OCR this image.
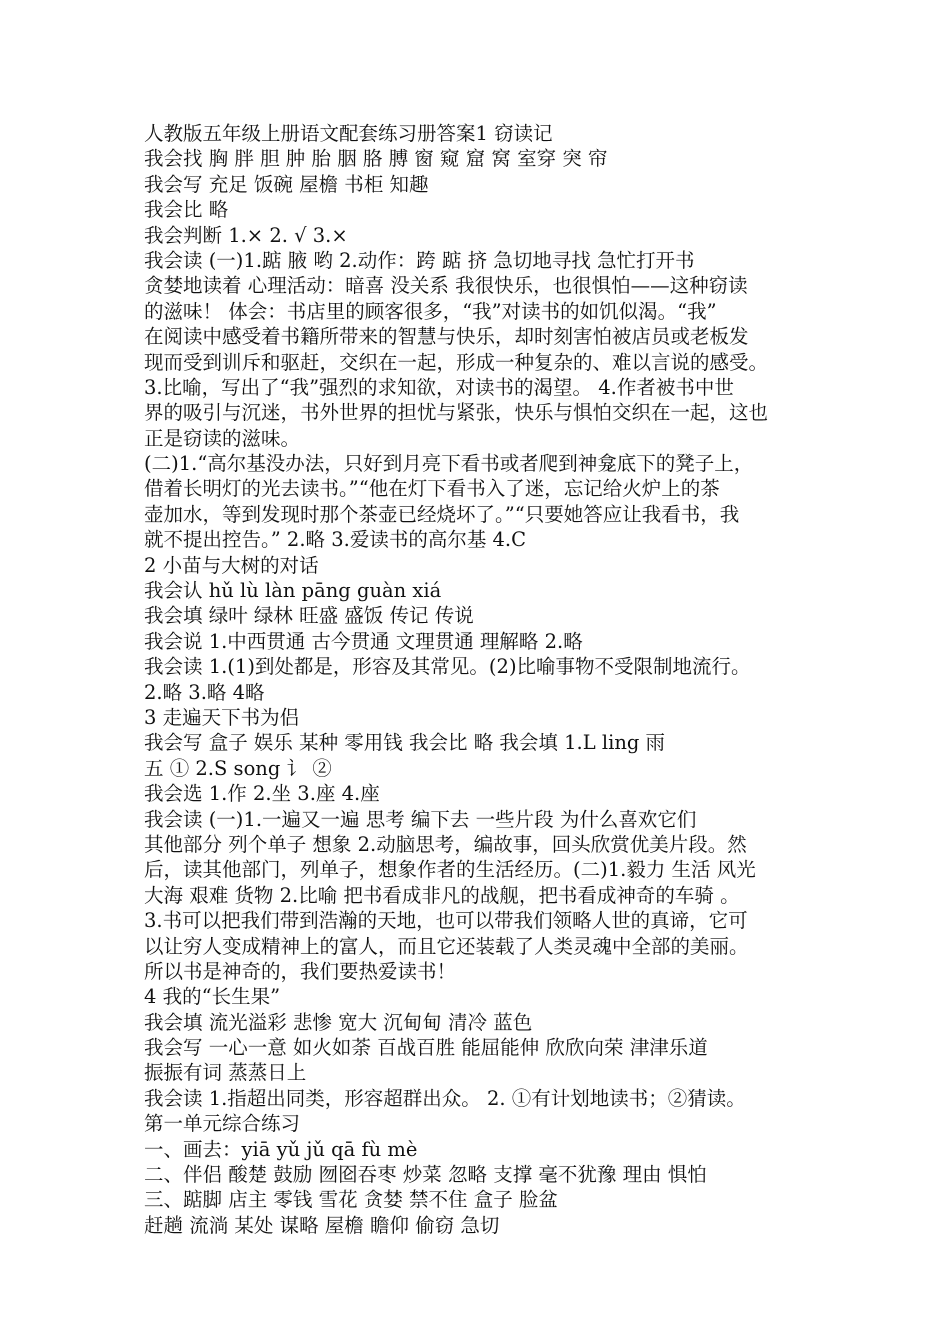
人教版五年级上册语文配套练习册答案1 窃读记
我会找 胸 胖 胆 肿 胎 胭 胳 膊 窗 窥 窟 窝 室穿 突 帘
我会写 充足 饭碗 屋檐 书柜 知趣
我会比 略
我会判断 1.× 2. √ 3.×
我会读 (一)1.踮 腋 哟 2.动作：跨 踮 挤 急切地寻找 急忙打开书
贪婪地读着 心理活动：暗喜 没关系 我很快乐，也很惧怕——这种窃读
的滋味！ 体会：书店里的顾客很多，“我”对读书的如饥似渴。“我”
在阅读中感受着书籍所带来的智慧与快乐，却时刻害怕被店员或老板发
现而受到训斥和驱赶，交织在一起，形成一种复杂的、难以言说的感受。
3.比喻，写出了“我”强烈的求知欲，对读书的渴望。 4.作者被书中世
界的吸引与沉迷，书外世界的担忧与紧张，快乐与惧怕交织在一起，这也
正是窃读的滋味。
(二)1.“高尔基没办法，只好到月亮下看书或者爬到神龛底下的凳子上，
借着长明灯的光去读书。”“他在灯下看书入了迷，忘记给火炉上的茶
壶加水，等到发现时那个茶壶已经烧坏了。”“只要她答应让我看书，我
就不提出控告。” 2.略 3.爱读书的高尔基 4.C
2 小苗与大树的对话
我会认 hǔ lù làn pāng guàn xiá
我会填 绿叶 绿林 旺盛 盛饭 传记 传说
我会说 1.中西贯通 古今贯通 文理贯通 理解略 2.略
我会读 1.(1)到处都是，形容及其常见。(2)比喻事物不受限制地流行。
2.略 3.略 4略
3 走遍天下书为侣
我会写 盒子 娱乐 某种 零用钱 我会比 略 我会填 1.L ling 雨
五 ① 2.S song 讠 ②
我会选 1.作 2.坐 3.座 4.座
我会读 (一)1.一遍又一遍 思考 编下去 一些片段 为什么喜欢它们
其他部分 列个单子 想象 2.动脑思考，编故事，回头欣赏优美片段。然
后，读其他部门，列单子，想象作者的生活经历。(二)1.毅力 生活 风光
大海 艰难 货物 2.比喻 把书看成非凡的战舰，把书看成神奇的车骑 。
3.书可以把我们带到浩瀚的天地，也可以带我们领略人世的真谛，它可
以让穷人变成精神上的富人，而且它还装载了人类灵魂中全部的美丽。
所以书是神奇的，我们要热爱读书！
4 我的“长生果”
我会填 流光溢彩 悲惨 宽大 沉甸甸 清冷 蓝色
我会写 一心一意 如火如荼 百战百胜 能屈能伸 欣欣向荣 津津乐道
振振有词 蒸蒸日上
我会读 1.指超出同类，形容超群出众。 2. ①有计划地读书；②猜读。
第一单元综合练习
一、画去：yiā yǔ jǔ qā fù mè
二、伴侣 酸楚 鼓励 囫囵吞枣 炒菜 忽略 支撑 毫不犹豫 理由 惧怕
三、踮脚 店主 零钱 雪花 贪婪 禁不住 盒子 脸盆
赶趟 流淌 某处 谋略 屋檐 瞻仰 偷窃 急切
